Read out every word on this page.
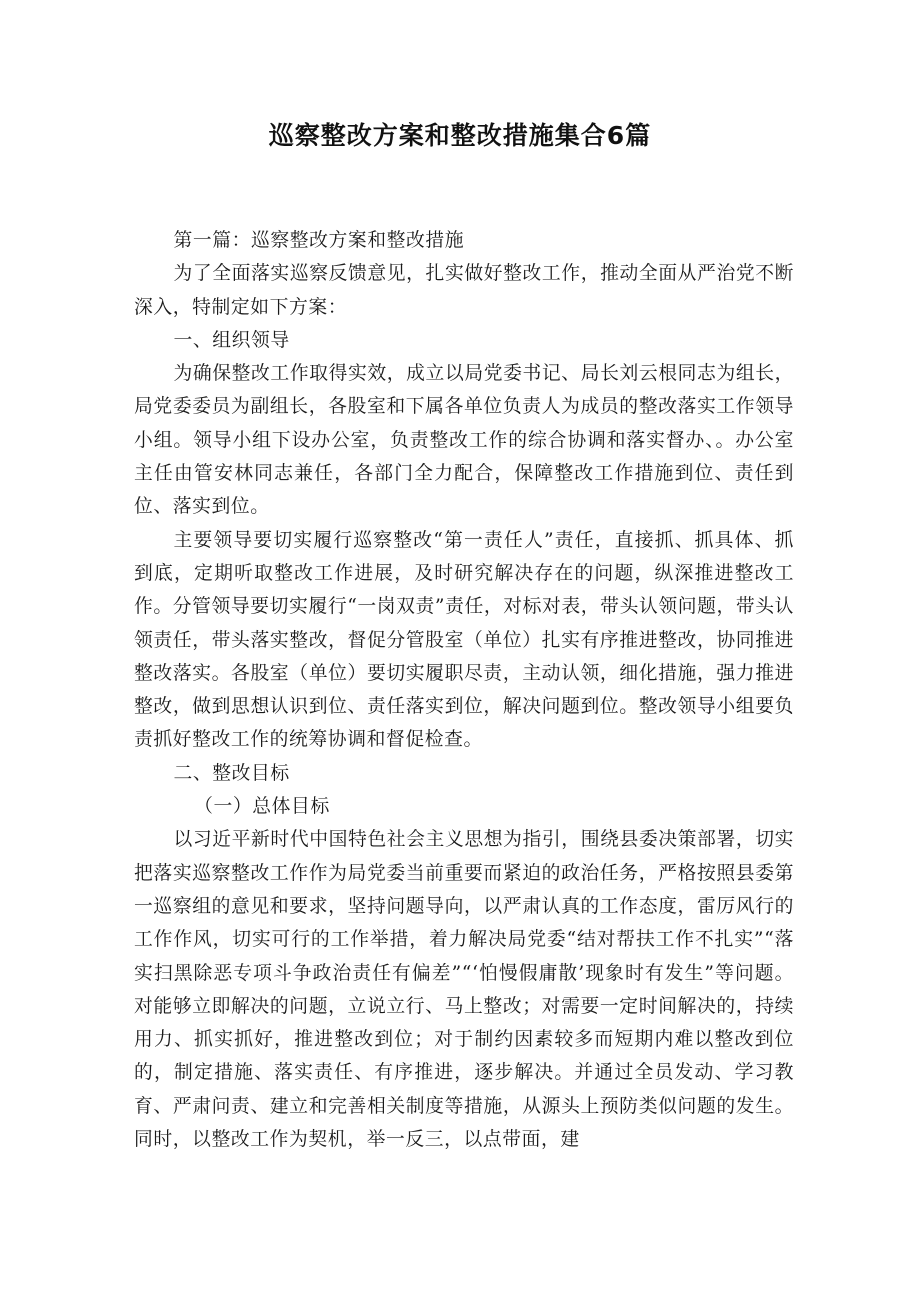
巡察整改方案和整改措施集合6篇

第一篇：巡察整改方案和整改措施

为了全面落实巡察反馈意见，扎实做好整改工作，推动全面从严治党不断深入，特制定如下方案：

一、组织领导

为确保整改工作取得实效，成立以局党委书记、局长刘云根同志为组长，局党委委员为副组长，各股室和下属各单位负责人为成员的整改落实工作领导小组。领导小组下设办公室，负责整改工作的综合协调和落实督办、。办公室主任由管安林同志兼任，各部门全力配合，保障整改工作措施到位、责任到位、落实到位。

主要领导要切实履行巡察整改“第一责任人”责任，直接抓、抓具体、抓到底，定期听取整改工作进展，及时研究解决存在的问题，纵深推进整改工作。分管领导要切实履行“一岗双责”责任，对标对表，带头认领问题，带头认领责任，带头落实整改，督促分管股室（单位）扎实有序推进整改，协同推进整改落实。各股室（单位）要切实履职尽责，主动认领，细化措施，强力推进整改，做到思想认识到位、责任落实到位，解决问题到位。整改领导小组要负责抓好整改工作的统筹协调和督促检查。

二、整改目标

（一）总体目标

以习近平新时代中国特色社会主义思想为指引，围绕县委决策部署，切实把落实巡察整改工作作为局党委当前重要而紧迫的政治任务，严格按照县委第一巡察组的意见和要求，坚持问题导向，以严肃认真的工作态度，雷厉风行的工作作风，切实可行的工作举措，着力解决局党委“结对帮扶工作不扎实”“落实扫黑除恶专项斗争政治责任有偏差”“‘怕慢假庸散’现象时有发生”等问题。对能够立即解决的问题，立说立行、马上整改；对需要一定时间解决的，持续用力、抓实抓好，推进整改到位；对于制约因素较多而短期内难以整改到位的，制定措施、落实责任、有序推进，逐步解决。并通过全员发动、学习教育、严肃问责、建立和完善相关制度等措施，从源头上预防类似问题的发生。同时，以整改工作为契机，举一反三，以点带面，建
